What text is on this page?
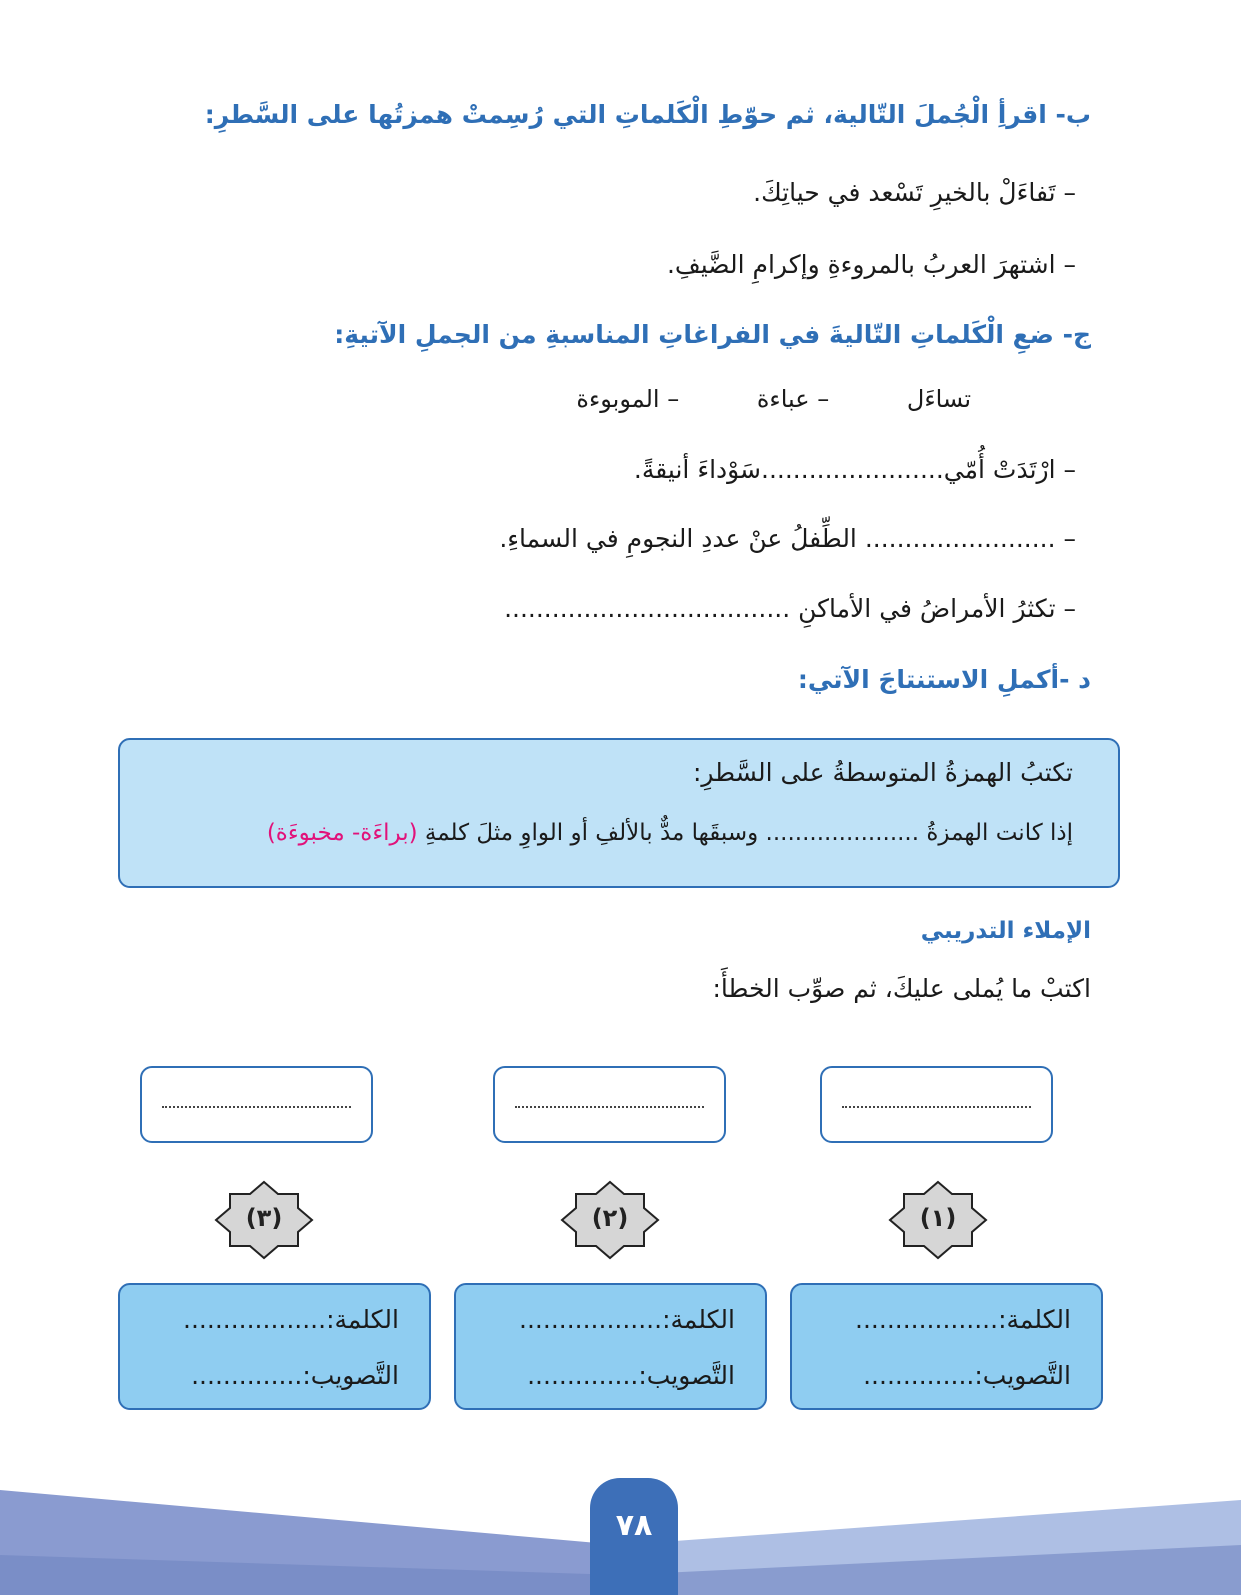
ب- اقرأِ الْجُملَ التّالية، ثم حوّطِ الْكَلماتِ التي رُسِمتْ همزتُها على السَّطرِ:
– تَفاءَلْ بالخيرِ تَسْعد في حياتِكَ.
– اشتهرَ العربُ بالمروءةِ وإكرامِ الضَّيفِ.
ج- ضعِ الْكَلماتِ التّاليةَ في الفراغاتِ المناسبةِ من الجملِ الآتيةِ:
تساءَل – عباءة – الموبوءة
– ارْتَدَتْ أُمّي.......................سَوْداءَ أنيقةً.
– ........................ الطِّفلُ عنْ عددِ النجومِ في السماءِ.
– تكثرُ الأمراضُ في الأماكنِ ....................................
د -أكملِ الاستنتاجَ الآتي:
تكتبُ الهمزةُ المتوسطةُ على السَّطرِ:
إذا كانت الهمزةُ ..................... وسبقَها مدٌّ بالألفِ أو الواوِ مثلَ كلمةِ (براءَة- مخبوءَة)
الإملاء التدريبي
اكتبْ ما يُملى عليكَ، ثم صوِّب الخطأَ:
(١)
(٢)
(٣)
الكلمة:..................
التَّصويب:..............
الكلمة:..................
التَّصويب:..............
الكلمة:..................
التَّصويب:..............
٧٨
